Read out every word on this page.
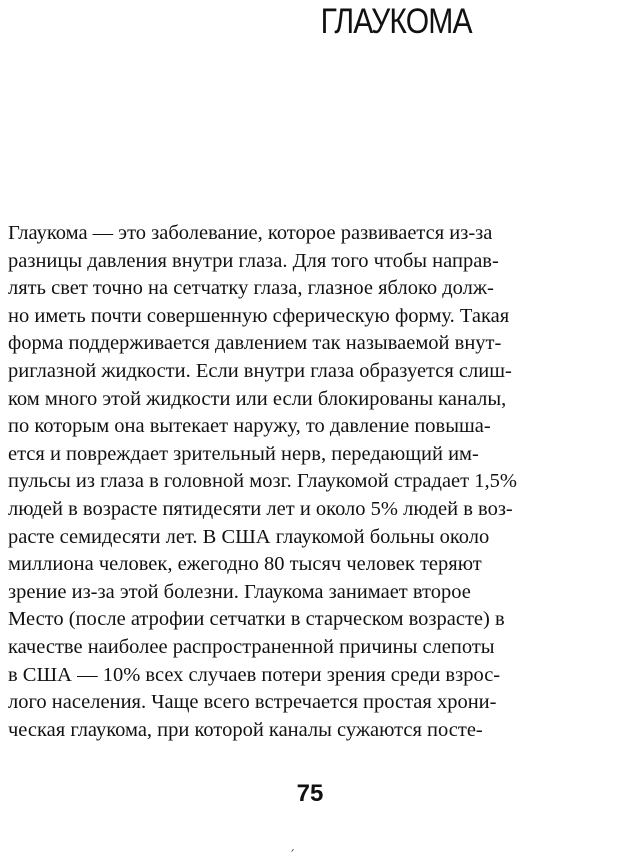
ГЛАУКОМА
Глаукома — это заболевание, которое развивается из-за
разницы давления внутри глаза. Для того чтобы направ-
лять свет точно на сетчатку глаза, глазное яблоко долж-
но иметь почти совершенную сферическую форму. Такая
форма поддерживается давлением так называемой внут-
риглазной жидкости. Если внутри глаза образуется слиш-
ком много этой жидкости или если блокированы каналы,
по которым она вытекает наружу, то давление повыша-
ется и повреждает зрительный нерв, передающий им-
пульсы из глаза в головной мозг. Глаукомой страдает 1,5%
людей в возрасте пятидесяти лет и около 5% людей в воз-
расте семидесяти лет. В США глаукомой больны около
миллиона человек, ежегодно 80 тысяч человек теряют
зрение из-за этой болезни. Глаукома занимает второе
Место (после атрофии сетчатки в старческом возрасте) в
качестве наиболее распространенной причины слепоты
в США — 10% всех случаев потери зрения среди взрос-
лого населения. Чаще всего встречается простая хрони-
ческая глаукома, при которой каналы сужаются посте-
75
´
